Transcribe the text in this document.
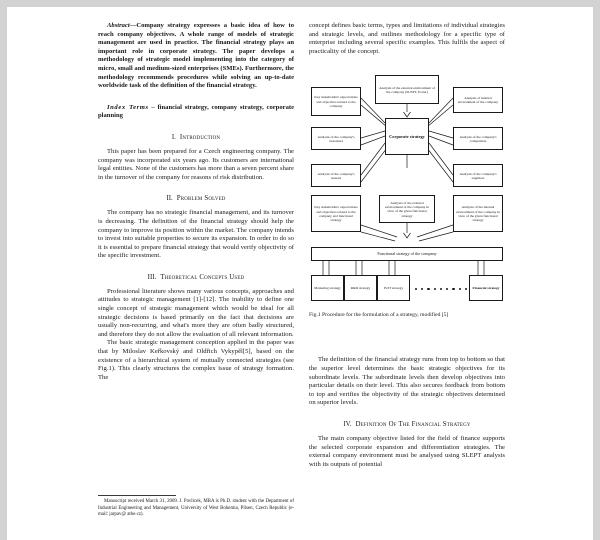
Abstract—Company strategy expresses a basic idea of how to reach company objectives. A whole range of models of strategic management are used in practice. The financial strategy plays an important role in corporate strategy. The paper develops a methodology of strategic model implementing into the category of micro, small and medium-sized enterprises (SMEs). Furthermore, the methodology recommends procedures while solving an up-to-date worldwide task of the definition of the financial strategy.

Index Terms – financial strategy, company strategy, corporate planning

I. Introduction

This paper has been prepared for a Czech engineering company. The company was incorporated six years ago. Its customers are international legal entities. None of the customers has more than a seven percent share in the turnover of the company for reasons of risk distribution.

II. Problem Solved

The company has no strategic financial management, and its turnover is decreasing. The definition of the financial strategy should help the company to improve its position within the market. The company intends to invest into suitable properties to secure its expansion. In order to do so it is essential to prepare financial strategy that would verify objectivity of the specific investment.

III. Theoretical Concepts Used

Professional literature shows many various concepts, approaches and attitudes to strategic management [1]-[12]. The inability to define one single concept of strategic management which would be ideal for all strategic decisions is based primarily on the fact that decisions are usually non-recurring, and what's more they are often badly structured, and therefore they do not allow the evaluation of all relevant information.

The basic strategic management conception applied in the paper was that by Miloslav Keřkovský and Oldřich Vykypěl[5], based on the existence of a hierarchical system of mutually connected strategies (see Fig.1). This clearly structures the complex issue of strategy formation. The

Manuscript received March 31, 2009. J. Pavlicek, MBA is Ph.D. student with the Department of Industrial Engineering and Management, University of West Bohemia, Pilsen, Czech Republic (e-mail: jarpav@ athe.cz).

concept defines basic terms, types and limitations of individual strategies and strategic levels, and outlines methodology for a specific type of enterprise including several specific examples. This fulfils the aspect of practicality of the concept.

Analysis of the external environment of the company (SLEPT, Porter)
Key stakeholders' expectations and objectives related to the company
Analysis of the company's customers
Analysis of the company's reasons
Analysis of internal environment of the company
Analysis of the company's competition
Analysis of the company's suppliers
Corporate strategy
Key stakeholders' expectations and objectives related to the company and functional strategy
Analysis of the external environment of the company in view of the given functional strategy
Analysis of the internal environment of the company in view of the given functional strategy
Functional strategy of the company
Marketing strategy	R&D strategy	IS/IT strategy	Financial strategy

Fig.1 Procedure for the formulation of a strategy, modified [5]

The definition of the financial strategy runs from top to bottom so that the superior level determines the basic strategic objectives for its subordinate levels. The subordinate levels then develop objectives into particular details on their level. This also secures feedback from bottom to top and verifies the objectivity of the strategic objectives determined on superior levels.

IV. Definition Of The Financial Strategy

The main company objective listed for the field of finance supports the selected corporate expansion and differentiation strategies. The external company environment must be analysed using SLEPT analysis with its outputs of potential
